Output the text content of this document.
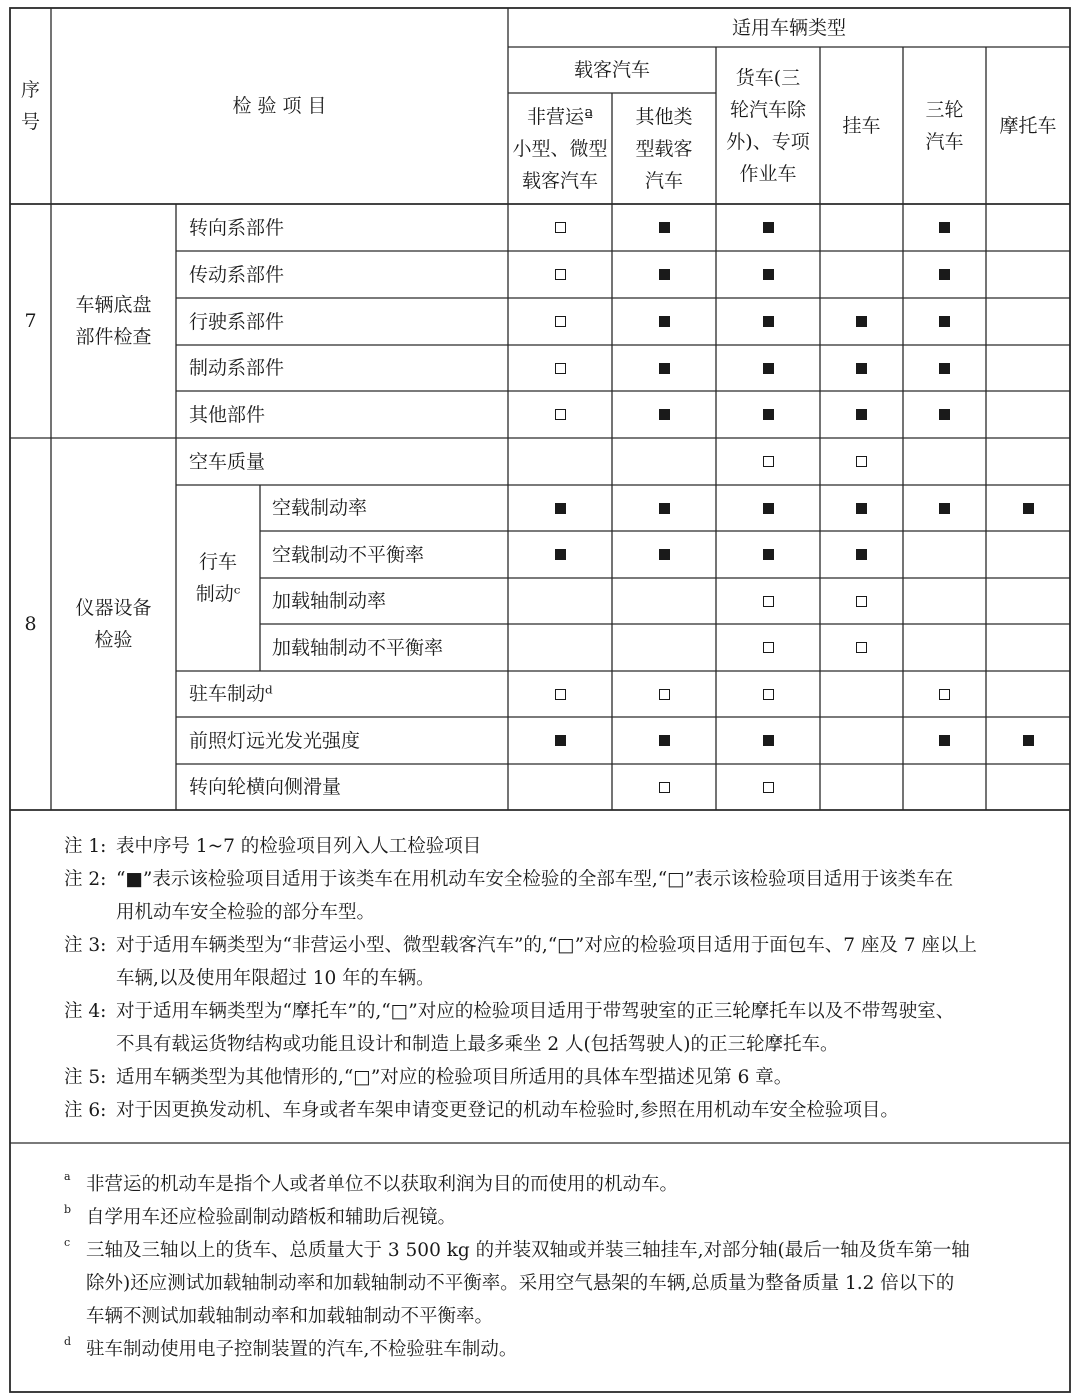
序
号
检 验 项 目
适用车辆类型
载客汽车
非营运ª
小型、微型
载客汽车
其他类
型载客
汽车
货车(三
轮汽车除
外)、专项
作业车
挂车
三轮
汽车
摩托车
7
车辆底盘
部件检查
8
仪器设备
检验
行车
制动ᶜ
转向系部件
传动系部件
行驶系部件
制动系部件
其他部件
空车质量
空载制动率
空载制动不平衡率
加载轴制动率
加载轴制动不平衡率
驻车制动ᵈ
前照灯远光发光强度
转向轮横向侧滑量
注 1: 表中序号 1~7 的检验项目列入人工检验项目
注 2: “■”表示该检验项目适用于该类车在用机动车安全检验的全部车型,“□”表示该检验项目适用于该类车在
用机动车安全检验的部分车型。
注 3: 对于适用车辆类型为“非营运小型、微型载客汽车”的,“□”对应的检验项目适用于面包车、7 座及 7 座以上
车辆,以及使用年限超过 10 年的车辆。
注 4: 对于适用车辆类型为“摩托车”的,“□”对应的检验项目适用于带驾驶室的正三轮摩托车以及不带驾驶室、
不具有载运货物结构或功能且设计和制造上最多乘坐 2 人(包括驾驶人)的正三轮摩托车。
注 5: 适用车辆类型为其他情形的,“□”对应的检验项目所适用的具体车型描述见第 6 章。
注 6: 对于因更换发动机、车身或者车架申请变更登记的机动车检验时,参照在用机动车安全检验项目。
a 非营运的机动车是指个人或者单位不以获取利润为目的而使用的机动车。
b 自学用车还应检验副制动踏板和辅助后视镜。
c 三轴及三轴以上的货车、总质量大于 3 500 kg 的并装双轴或并装三轴挂车,对部分轴(最后一轴及货车第一轴
除外)还应测试加载轴制动率和加载轴制动不平衡率。采用空气悬架的车辆,总质量为整备质量 1.2 倍以下的
车辆不测试加载轴制动率和加载轴制动不平衡率。
d 驻车制动使用电子控制装置的汽车,不检验驻车制动。
